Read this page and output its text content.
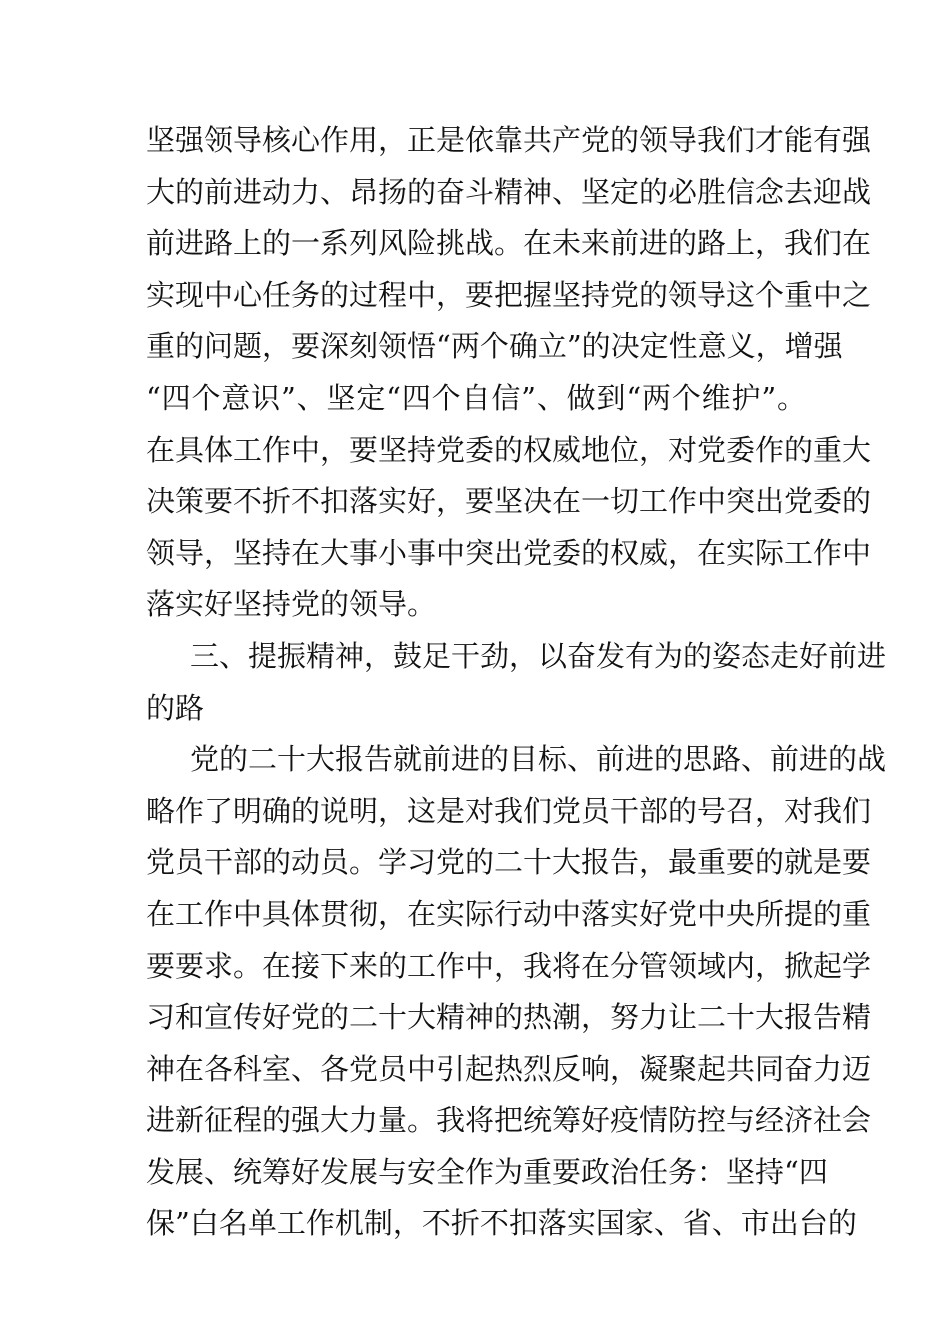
坚强领导核心作用，正是依靠共产党的领导我们才能有强
大的前进动力、昂扬的奋斗精神、坚定的必胜信念去迎战
前进路上的一系列风险挑战。在未来前进的路上，我们在
实现中心任务的过程中，要把握坚持党的领导这个重中之
重的问题，要深刻领悟“两个确立”的决定性意义，增强
“四个意识”、坚定“四个自信”、做到“两个维护”。
在具体工作中，要坚持党委的权威地位，对党委作的重大
决策要不折不扣落实好，要坚决在一切工作中突出党委的
领导，坚持在大事小事中突出党委的权威，在实际工作中
落实好坚持党的领导。
三、提振精神，鼓足干劲，以奋发有为的姿态走好前进
的路
党的二十大报告就前进的目标、前进的思路、前进的战
略作了明确的说明，这是对我们党员干部的号召，对我们
党员干部的动员。学习党的二十大报告，最重要的就是要
在工作中具体贯彻，在实际行动中落实好党中央所提的重
要要求。在接下来的工作中，我将在分管领域内，掀起学
习和宣传好党的二十大精神的热潮，努力让二十大报告精
神在各科室、各党员中引起热烈反响，凝聚起共同奋力迈
进新征程的强大力量。我将把统筹好疫情防控与经济社会
发展、统筹好发展与安全作为重要政治任务：坚持“四
保”白名单工作机制，不折不扣落实国家、省、市出台的
